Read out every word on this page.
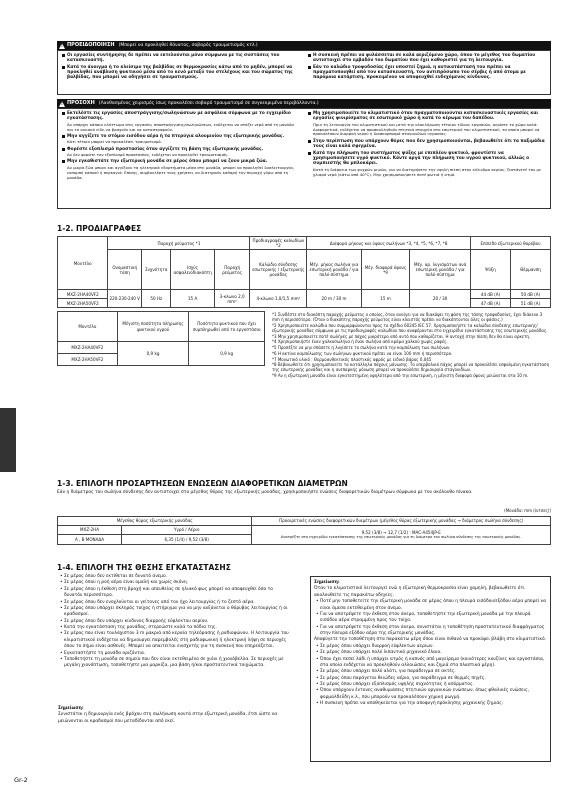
!
ΠΡΟΕΙΔΟΠΟΙΗΣΗ (Μπορεί να προκληθεί θάνατος, σοβαρός τραυματισμός κτλ.)
Οι εργασίες συντήρησης δε πρέπει να εκτελούνται μόνο σύμφωνα με τις συστάσεις του κατασκευαστή.
Κατά το άνοιγμα ή το κλείσιμο της βαλβίδας σε θερμοκρασίες κάτω από το μηδέν, μπορεί να προκληθεί ανάβλυση ψυκτικού μέσα από το κενό μεταξύ του στελέχους και του σώματος της βαλβίδας, που μπορεί να οδηγήσει σε τραυματισμούς.
Η συσκευή πρέπει να φυλάσσεται σε καλά αεριζόμενο χώρο, όπου το μέγεθος του δωματίου αντιστοιχεί στο εμβαδόν του δωματίου που έχει καθοριστεί για τη λειτουργία.
Εάν το καλώδιο τροφοδοσίας έχει υποστεί ζημιά, η αντικατάστασή του πρέπει να πραγματοποιηθεί από τον κατασκευαστή, τον αντιπρόσωπο του σέρβις ή από άτομα με παρόμοια κατάρτιση, προκειμένου να αποφευχθεί ενδεχόμενος κίνδυνος.
!
ΠΡΟΣΟΧΗ (Λανθασμένος χειρισμός ίσως προκαλέσει σοβαρό τραυματισμό σε συγκεκριμένο περιβάλλοντα.)
Εκτελέστε τις εργασίες αποστράγγισης/σωληνώσεων με ασφάλεια σύμφωνα με το εγχειρίδιο εγκατάστασης.
Αν υπάρχει κάποιο ελάττωμα στις εργασίες αποστράγγισης/σωληνώσεων, ενδέχεται να στάζει νερό από τη μονάδα και το οικιακό είδη να βραχούν και να καταστραφούν.
Μην αγγίζετε το στόμιο εισόδου αέρα ή τα πτερύγια αλουμινίου της εξωτερικής μονάδας.
Κάτι τέτοιο μπορεί να προκαλέσει τραυματισμό.
Φορέστε εξοπλισμό προστασίας όταν αγγίζετε τη βάση της εξωτερικής μονάδας.
Αν δεν φοράτε τον εξοπλισμό προστασίας, ενδέχεται να προκληθεί τραυματισμός.
Μην εγκαθιστάτε την εξωτερική μονάδα σε μέρος όπου μπορεί να ζουν μικρά ζώα.
Αν μικρά ζώα μπουν και αγγίξουν τα ηλεκτρικά εξαρτήματα μέσα στη μονάδα, μπορεί να προκληθεί δυσλειτουργία, εκπομπή καπνού ή πυρκαγιά. Επίσης, συμβουλέψτε τους χρήστες να διατηρούν καθαρή την περιοχή γύρω από τη μονάδα.
Μη χρησιμοποιείτε το κλιματιστικό όταν πραγματοποιούνται κατασκευαστικές εργασίες και εργασίες φινιρίσματος σε εσωτερικό χώρο ή κατά το κέρωμα του δαπέδου.
Πριν τη λειτουργία του κλιματιστικού και μετά την ολοκλήρωση τέτοιου είδους εργασιών, αερίστε το χώρο καλά. Διαφορετικά, ενδέχεται να προσκολληθούν πτητικά στοιχεία στο εσωτερικό του κλιματιστικού, τα οποία μπορεί να προκαλέσουν διαρροή νερού ή διασκορπισμό σταγονιδίων υγρασίας.
Στην περίπτωση που υπάρχουν θύρες που δεν χρησιμοποιούνται, βεβαιωθείτε ότι τα παξιμάδια τους είναι καλά σφιγμένα.
Κατά την πλήρωση του συστήματος ψύξης με επιπλέον ψυκτικό, φροντίστε να χρησιμοποιήσετε υγρό ψυκτικό. Κάντε αργά την πλήρωση του υγρού ψυκτικού, αλλιώς ο συμπιεστής θα μπλοκάρει.
Κατά τη διάρκεια των ψυχρών μηνών, για να διατηρήσετε την υψηλή πίεση στον κύλινδρο αερίου, ζεστάνετέ τον με χλιαρό νερό (κάτω από 40°C). Μην χρησιμοποιήσετε ποτέ φωτιά ή ατμό.
1-2. ΠΡΟΔΙΑΓΡΑΦΕΣ
Μοντέλο	Παροχή ρεύματος *1				Προδιαγραφές καλωδίων *2	Διάφορά μήκους και ύψους σωλήνων *3, *4, *5, *6, *7, *8			Επίπεδο εξωτερικού θορύβου	
	Ονομαστική τάση	Συχνότητα	Ισχύς ασφαλειοδιακόπτη	Παροχή ρεύματος	Καλώδιο σύνδεσης εσωτερικής / εξωτερικής μονάδας	Μέγ. μήκος σωλήνα για εσωτερική μονάδα / για πολύ-σύστημα	Μέγ. διαφορά ύψους *9	Μέγ. αρ. λυγισμάτων ανά εσωτερική μονάδα / για πολύ-σύστημα	Ψύξη	Θέρμανση
MXZ-2HA40VF2	220-230-240 V	50 Hz	15 A	3-κλωνο 2,0 mm²	4-κλωνο 1,0/1,5 mm²	20 m / 30 m	15 m	20 / 30	44 dB (A)	50 dB (A)
MXZ-2HA50VF2									47 dB (A)	51 dB (A)
Μοντέλο	Μέγιστη ποσότητα πλήρωσης ψυκτικού υγρού	Ποσότητα ψυκτικού που έχει συμπληρωθεί από το εργοστάσιο
MXZ-2HA40VF2	0,9 kg	0,9 kg
MXZ-2HA50VF2		
*1 Συνδέστε στο διακόπτη παροχής ρεύματος ο οποίος, όταν ανοίγει για να διακόψει τη φάση της τάσης τροφοδοσίας, έχει διάκενο 3 mm ή περισσότερο. (Όταν ο διακόπτης παροχής ρεύματος είναι κλειστός πρέπει να διακόπτονται όλες οι φάσεις.)
*2 Χρησιμοποιείτε καλώδια που συμμορφώνονται προς το σχέδιο 60245 IEC 57. Χρησιμοποιήστε τα καλώδια σύνδεσης εσωτερικής/εξωτερικής μονάδας σύμφωνα με τις προδιαγραφές καλωδίου που αναφέρονται στο εγχειρίδιο εγκατάστασης της εσωτερικής μονάδας.
*3 Μην χρησιμοποιείτε ποτέ σωλήνες με πάχος μικρότερο από αυτό που καθορίζεται. Η αντοχή στην πίεση δεν θα είναι αρκετή.
*4 Χρησιμοποιήστε έναν χαλκοσωλήνα ή έναν σωλήνα από κράμα χαλκού χωρίς ραφές.
*5 Προσέξτε να μην σπάσετε ή λυγίσετε το σωλήνα κατά την καμπύλωση των σωλήνων.
*6 Η ακτίνα καμπύλωσης των σωλήνων ψυκτικού πρέπει να είναι 100 mm ή περισσότερο.
*7 Μονωτικό υλικό : Θερμοανθεκτικός πλαστικός αφρός με ειδικό βάρος 0,045
*8 Βεβαιωθείτε ότι χρησιμοποιείτε τα κατάλληλα πάχους μόνωσης. Το υπερβολικό πάχος μπορεί να προκαλέσει εσφαλμένη εγκατάσταση της εσωτερικής μονάδας και η ανεπαρκής μόνωση μπορεί να προκαλέσει δημιουργία σταγονιδίων.
*9 Αν η εξωτερική μονάδα είναι εγκατεστημένη υψηλότερα από την εσωτερική, η μέγιστη διαφορά ύψους μειώνεται στα 10 m.
1-3. ΕΠΙΛΟΓΗ ΠΡΟΣΑΡΤΗΣΕΩΝ ΕΝΩΣΕΩΝ ΔΙΑΦΟΡΕΤΙΚΩΝ ΔΙΑΜΕΤΡΩΝ
Εάν η διάμετρος του σωλήνα σύνδεσης δεν αντιστοιχεί στο μέγεθος θύρας της εξωτερικής μονάδας, χρησιμοποιήστε ενώσεις διαφορετικών διαμέτρων σύμφωνα με τον ακόλουθο πίνακα.
(Μονάδα: mm (ίντσες))
Μέγεθος θύρας εξωτερικής μονάδας		Προαιρετικές ενώσεις διαφορετικών διαμέτρων (μέγεθος θύρας εξωτερικής μονάδας → διάμετρος σωλήνα σύνδεσης)
MXZ-2HA	Υγρό / Αέριο	9,52 (3/8) → 12,7 (1/2) : MAC-A454JP-E
Ανατρέξτε στο εγχειρίδιο εγκατάστασης της εσωτερικής μονάδας για τη διάμετρο του σωλήνα σύνδεσης της εσωτερικής μονάδας.

A , B ΜΟΝΑΔΑ	6,35 (1/4) / 9,52 (3/8)	
1-4. ΕΠΙΛΟΓΗ ΤΗΣ ΘΕΣΗΣ ΕΓΚΑΤΑΣΤΑΣΗΣ
• Σε μέρος όπου δεν εκτίθεται σε δυνατό άνεμο.
• Σε μέρος όπου η ροή αέρα είναι ομαλή και χωρίς σκόνη.
• Σε μέρος όπου η έκθεση στη βροχή και απευθείας σε ηλιακό φως μπορεί να αποφευχθεί όσο το δυνατόν περισσότερο.
• Σε μέρος όπου δεν ενοχλούνται οι γείτονες από τον ήχο λειτουργίας ή το ζεστό αέρα.
• Σε μέρος όπου υπάρχει σκληρός τοίχος ή στήριγμα για να μην αυξάνεται ο θόρυβος λειτουργίας ή οι κραδασμοί.
• Σε μέρος όπου δεν υπάρχει κίνδυνος διαρροής εύφλεκτου αερίου.
• Κατά την εγκατάσταση της μονάδας, στερεώστε καλά τα πόδια της.
• Σε μέρος που είναι τουλάχιστον 3 m μακριά από κεραία τηλεόρασης ή ραδιοφώνου. Η λειτουργία του κλιματιστικού ενδέχεται να δημιουργεί παρεμβολές στη ραδιοφωνική ή ηλεκτρική λήψη σε περιοχές όπου το σήμα είναι ασθενές. Μπορεί να απαιτείται ενισχυτής για τη συσκευή που επηρεάζεται.
• Εγκαταστήστε τη μονάδα οριζόντια.
• Τοποθετήστε τη μονάδα σε σημείο που δεν είναι εκτεθειμένο σε χιόνι ή χιονόβελλα. Σε περιοχές με μεγάλη χιονόπτωση, τοποθετήστε μια μαρκίζα, μια βάση ή/και προστατευτικά τοιχώματα.
Σημείωση:
Συνιστάται η δημιουργία ενός βρόχου στη σωλήνωση κοντά στην εξωτερική μονάδα, έτσι ώστε να μειώνονται οι κραδασμοί που μεταδίδονται από εκεί.
Σημείωση:
Όταν το κλιματιστικό λειτουργεί ενώ η εξωτερική θερμοκρασία είναι χαμηλή, βεβαιωθείτε ότι ακολουθείτε τις παρακάτω οδηγίες.
• Ποτέ μην τοποθετείτε την εξωτερική μονάδα σε μέρος όπου η πλευρά εισόδου/εξόδου αέρα μπορεί να είναι άμεσα εκτεθειμένη στον άνεμο.
• Για να αποτρέψετε την έκθεση στον άνεμο, τοποθετήστε την εξωτερική μονάδα με την πλευρά εισόδου αέρα στραμμένη προς τον τοίχο.
• Για να αποτρέψετε την έκθεση στον άνεμο, συνιστάται η τοποθέτηση προστατευτικού διαφράγματος στην πλευρά εξόδου αέρα της εξωτερικής μονάδας.
Αποφύγετε την τοποθέτηση στα παρακάτω μέρη όπου είναι πιθανό να προκύψει βλάβη στο κλιματιστικό.
• Σε μέρος όπου υπάρχει διαρροή εύφλεκτων αερίων.
• Σε μέρος όπου υπάρχει πολύ λιπαντικό μηχανικό έλαιο.
• Όπου έχει πεσεί λάδι ή υπάρχει ατμός ή καπνός από μαγείρεμα (κοινότερες κουζίνες και εργοστάσια, στα οποία ενδέχεται να προκληθούν αλλοιώσεις και ζημιά στα πλαστικά μέρη).
• Σε μέρος όπου υπάρχει πολύ αλάτι, για παράδειγμα σε ακτές.
• Σε μέρος όπου παράγεται θειώδες αέριο, για παράδειγμα σε θερμές πηγές.
• Σε μέρος όπου υπάρχει εξοπλισμός υψηλής συχνότητας ή ασύρματος.
• Όπου υπάρχουν έντονες αναθυμιάσεις πτητικών οργανικών ενώσεων, όπως φθαλικές ενώσεις, φορμαλδεΰδη κ.λ., που μπορούν να προκαλέσουν χημική ρωγμή.
• Η συσκευή πρέπει να αποθηκεύεται για την αποφυγή πρόκλησης μηχανικής ζημιάς.
Gr-2
